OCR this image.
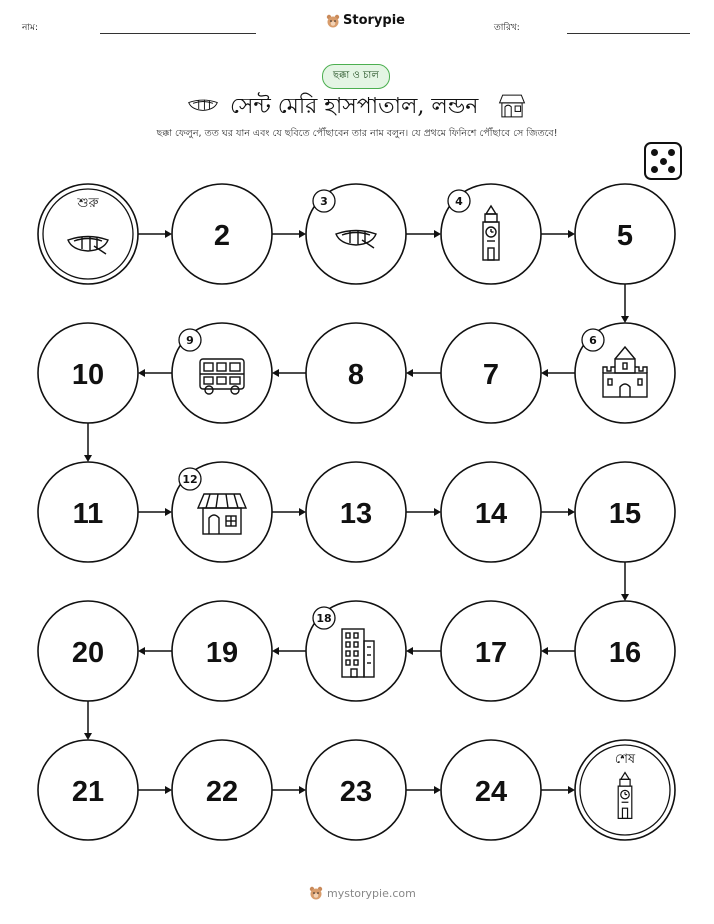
নাম:	Storypie	তারিখ:
ছক্কা ও চাল
সেন্ট মেরি হাসপাতাল, লন্ডন
ছক্কা ফেলুন, তত ঘর যান এবং যে ছবিতে পৌঁছাবেন তার নাম বলুন। যে প্রথমে ফিনিশে পৌঁছাবে সে জিতবে!
শুরু
2
3	4
5
6
7
8
9
10
11
12
13	14	15
16
17
18
19
20
21	22	23	24
শেষ
mystorypie.com
